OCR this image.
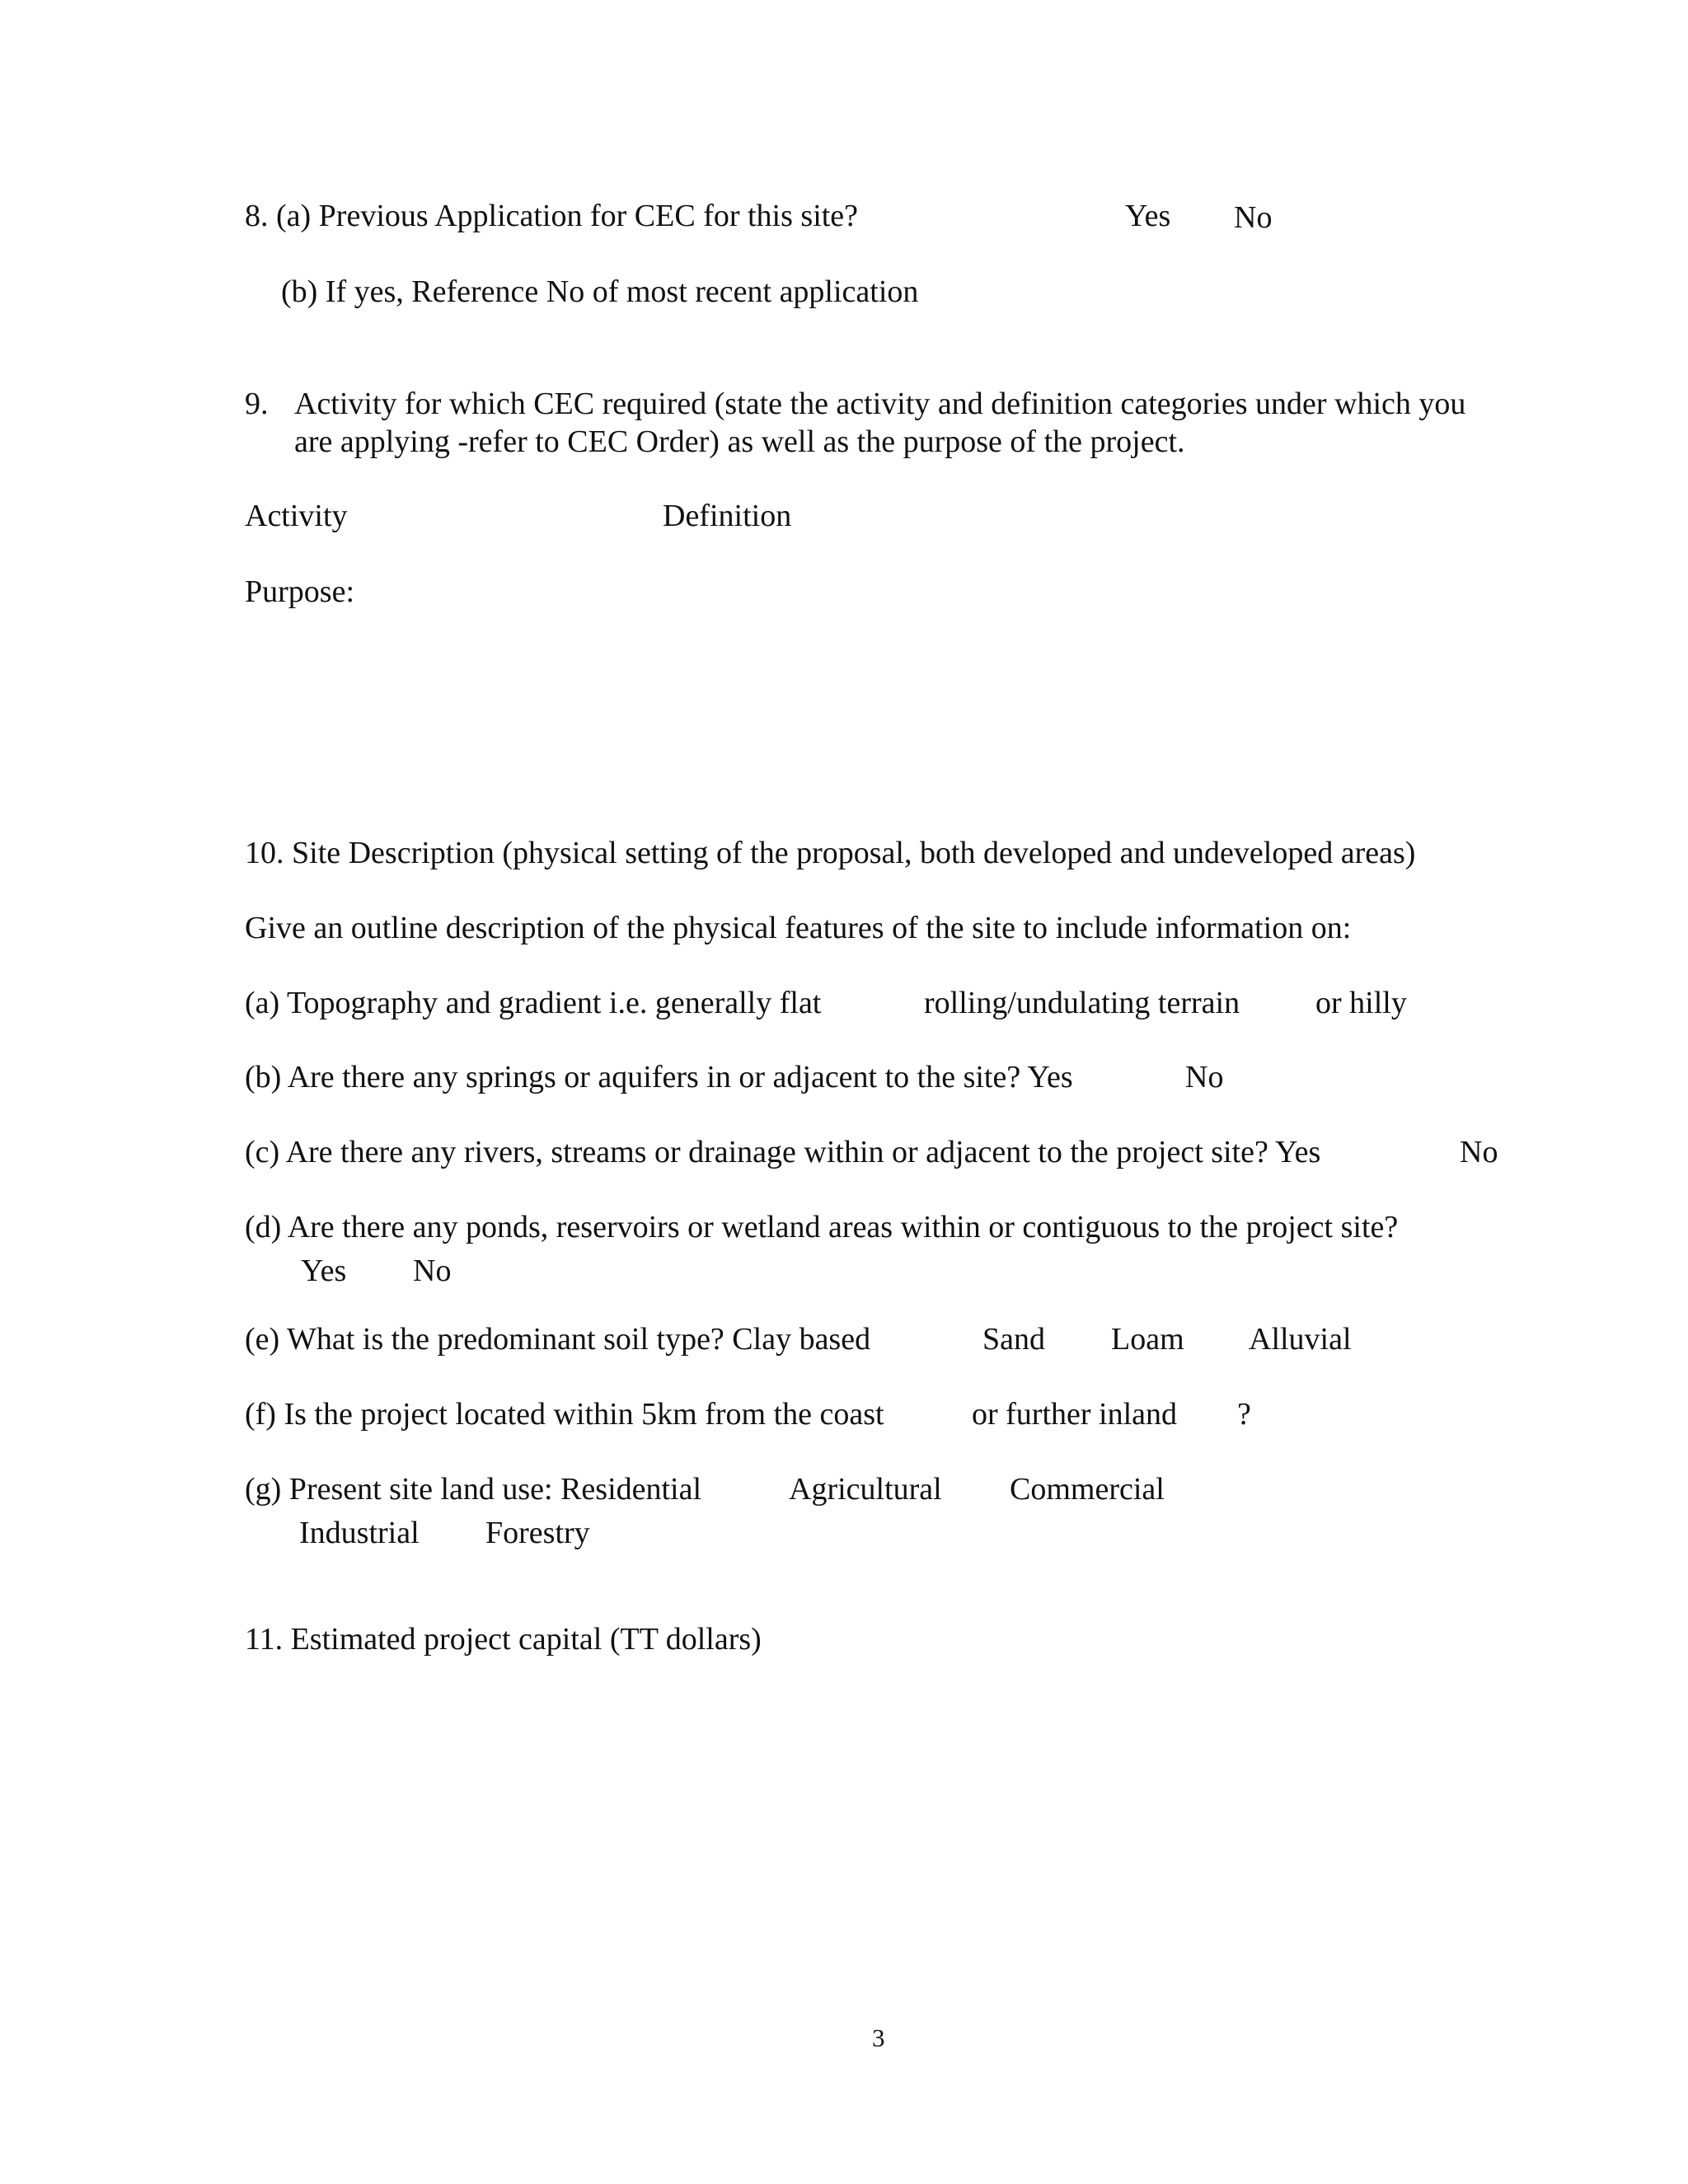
8. (a) Previous Application for CEC for this site?	Yes No
(b) If yes, Reference No of most recent application
9. Activity for which CEC required (state the activity and definition categories under which you
are applying -refer to CEC Order) as well as the purpose of the project.
Activity	Definition
Purpose:
10. Site Description (physical setting of the proposal, both developed and undeveloped areas)
Give an outline description of the physical features of the site to include information on:
(a) Topography and gradient i.e. generally flat	rolling/undulating terrain or hilly
(b) Are there any springs or aquifers in or adjacent to the site? Yes	No
(c) Are there any rivers, streams or drainage within or adjacent to the project site? Yes	No
(d) Are there any ponds, reservoirs or wetland areas within or contiguous to the project site?
Yes No
(e) What is the predominant soil type? Clay based	Sand Loam Alluvial
(f) Is the project located within 5km from the coast	or further inland ?
(g) Present site land use: Residential	Agricultural Commercial
Industrial Forestry
11. Estimated project capital (TT dollars)
3
